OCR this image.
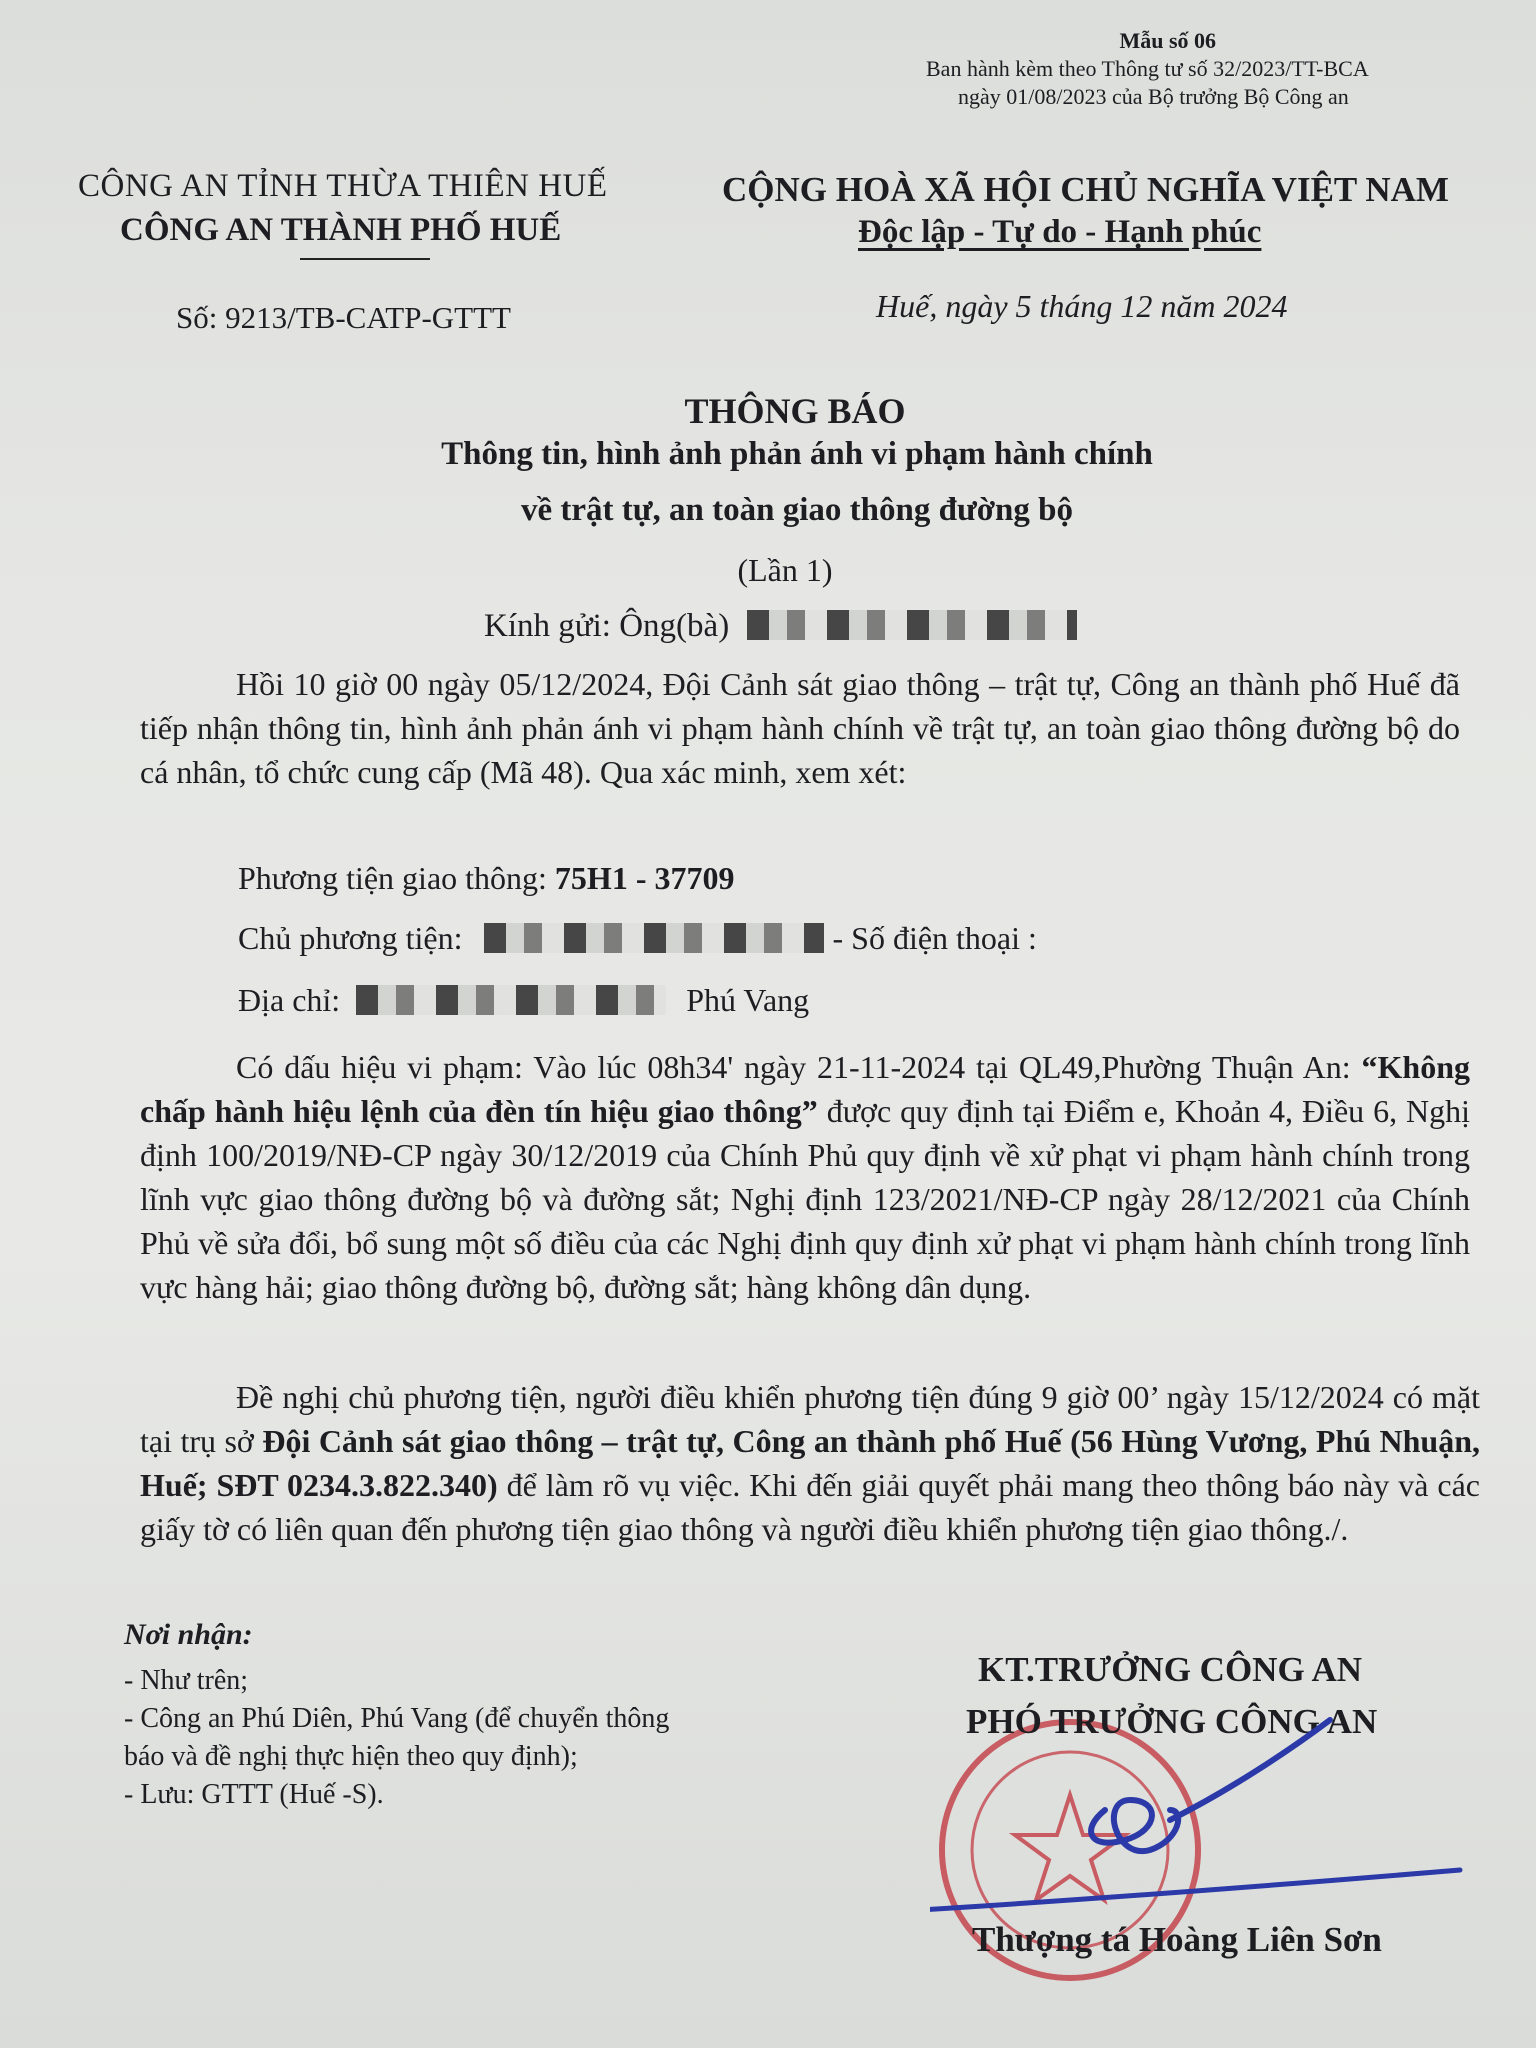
Mẫu số 06
Ban hành kèm theo Thông tư số 32/2023/TT-BCA
ngày 01/08/2023 của Bộ trưởng Bộ Công an
CÔNG AN TỈNH THỪA THIÊN HUẾ
CÔNG AN THÀNH PHỐ HUẾ
Số: 9213/TB-CATP-GTTT
CỘNG HOÀ XÃ HỘI CHỦ NGHĨA VIỆT NAM
Độc lập - Tự do - Hạnh phúc
Huế, ngày 5 tháng 12 năm 2024
THÔNG BÁO
Thông tin, hình ảnh phản ánh vi phạm hành chính
về trật tự, an toàn giao thông đường bộ
(Lần 1)
Kính gửi: Ông(bà)
Hồi 10 giờ 00 ngày 05/12/2024, Đội Cảnh sát giao thông – trật tự, Công an thành phố Huế đã tiếp nhận thông tin, hình ảnh phản ánh vi phạm hành chính về trật tự, an toàn giao thông đường bộ do cá nhân, tổ chức cung cấp (Mã 48). Qua xác minh, xem xét:
Phương tiện giao thông: 75H1 - 37709
Chủ phương tiện:	- Số điện thoại :
Địa chỉ:	Phú Vang
Có dấu hiệu vi phạm: Vào lúc 08h34' ngày 21-11-2024 tại QL49,Phường Thuận An: “Không chấp hành hiệu lệnh của đèn tín hiệu giao thông” được quy định tại Điểm e, Khoản 4, Điều 6, Nghị định 100/2019/NĐ-CP ngày 30/12/2019 của Chính Phủ quy định về xử phạt vi phạm hành chính trong lĩnh vực giao thông đường bộ và đường sắt; Nghị định 123/2021/NĐ-CP ngày 28/12/2021 của Chính Phủ về sửa đổi, bổ sung một số điều của các Nghị định quy định xử phạt vi phạm hành chính trong lĩnh vực hàng hải; giao thông đường bộ, đường sắt; hàng không dân dụng.
Đề nghị chủ phương tiện, người điều khiển phương tiện đúng 9 giờ 00’ ngày 15/12/2024 có mặt tại trụ sở Đội Cảnh sát giao thông – trật tự, Công an thành phố Huế (56 Hùng Vương, Phú Nhuận, Huế; SĐT 0234.3.822.340) để làm rõ vụ việc. Khi đến giải quyết phải mang theo thông báo này và các giấy tờ có liên quan đến phương tiện giao thông và người điều khiển phương tiện giao thông./.
Nơi nhận:
- Như trên;
- Công an Phú Diên, Phú Vang (để chuyển thông
báo và đề nghị thực hiện theo quy định);
- Lưu: GTTT (Huế -S).
KT.TRƯỞNG CÔNG AN
PHÓ TRƯỞNG CÔNG AN
Thượng tá Hoàng Liên Sơn
